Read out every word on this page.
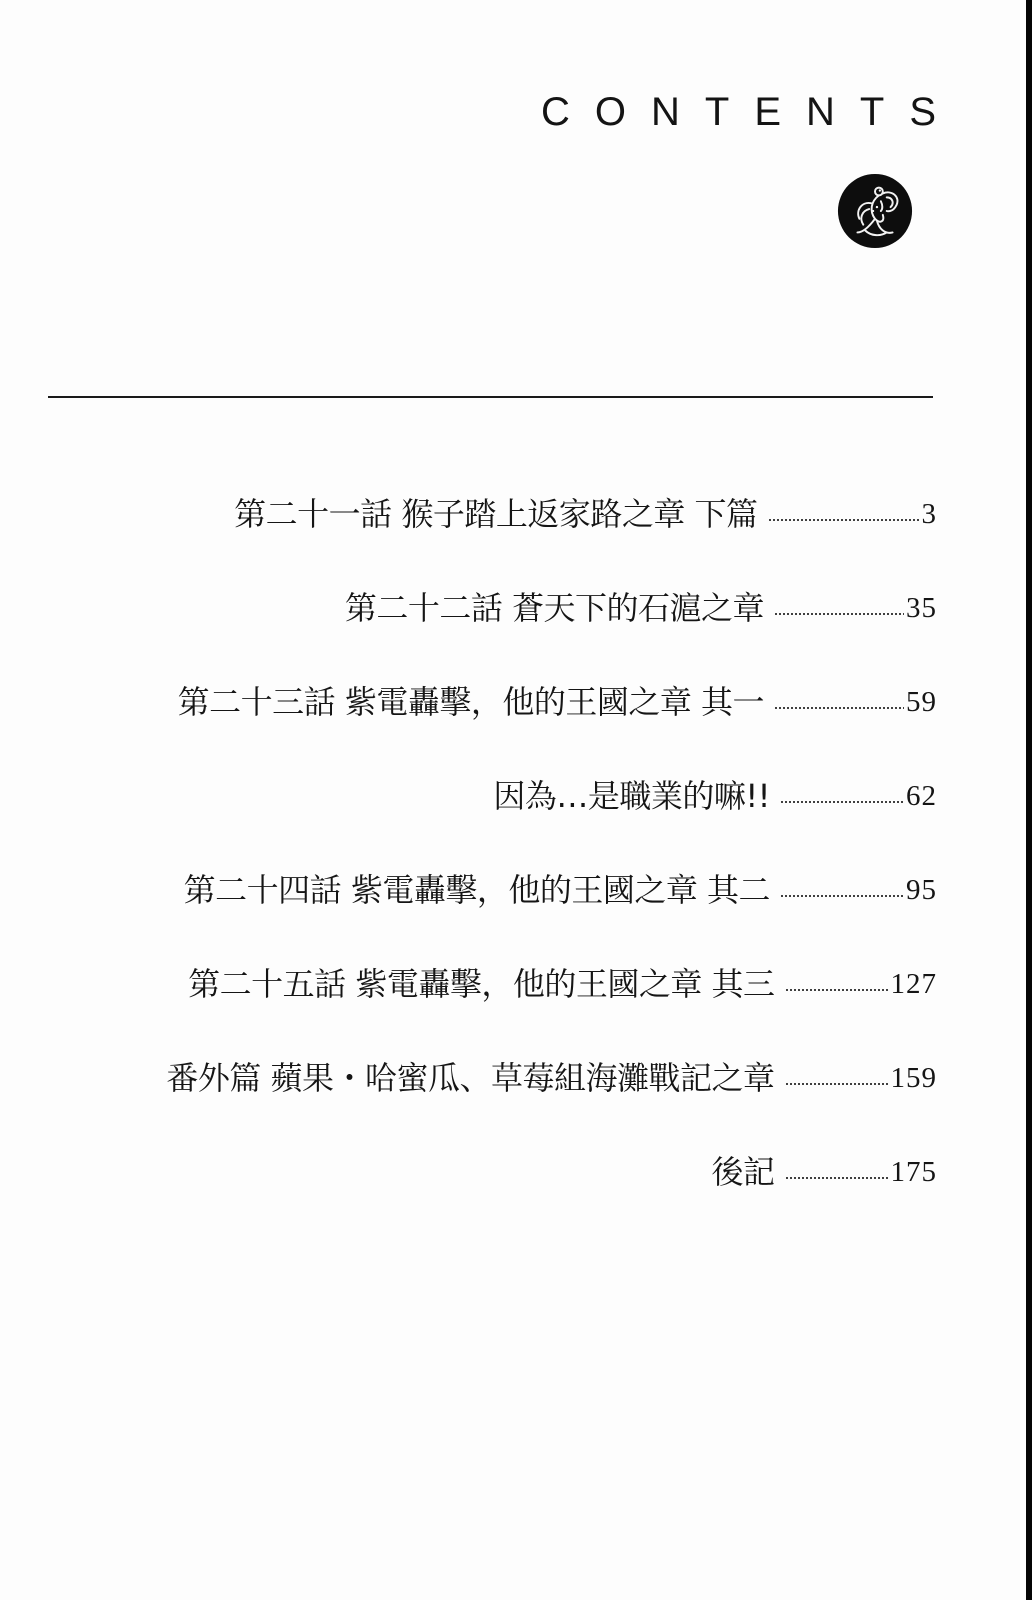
CONTENTS
第二十一話 猴子踏上返家路之章 下篇	3
第二十二話 蒼天下的石滬之章	35
第二十三話 紫電轟擊，他的王國之章 其一	59
因為…是職業的嘛!!	62
第二十四話 紫電轟擊，他的王國之章 其二	95
第二十五話 紫電轟擊，他的王國之章 其三	127
番外篇 蘋果・哈蜜瓜、草莓組海灘戰記之章	159
後記	175
